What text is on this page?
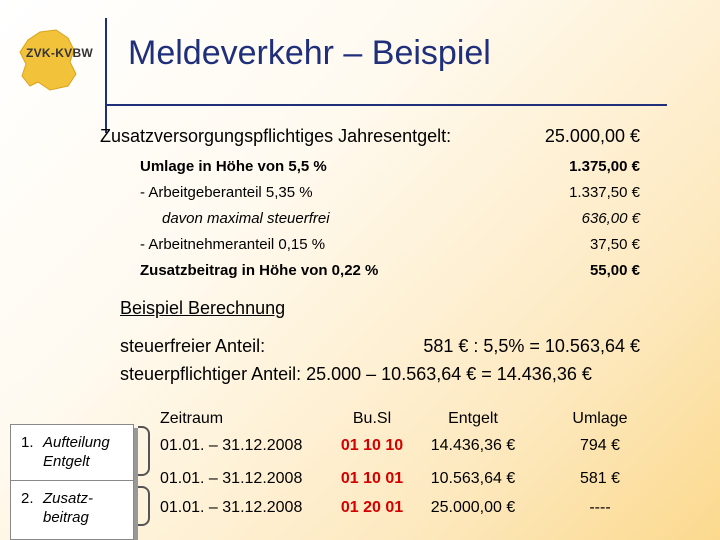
ZVK-KVBW Meldeverkehr – Beispiel
Zusatzversorgungspflichtiges Jahresentgelt:	25.000,00 €
Umlage in Höhe von 5,5 %	1.375,00 €
- Arbeitgeberanteil 5,35 %	1.337,50 €
davon maximal steuerfrei	636,00 €
- Arbeitnehmeranteil 0,15 %	37,50 €
Zusatzbeitrag in Höhe von 0,22 %	55,00 €
Beispiel Berechnung
steuerfreier Anteil:	581 € : 5,5% = 10.563,64 €
steuerpflichtiger Anteil: 25.000 – 10.563,64 € = 14.436,36 €
1. Aufteilung
Entgelt
2. Zusatz-
beitrag
Zeitraum	Bu.Sl	Entgelt	Umlage
01.01. – 31.12.2008	01 10 10	14.436,36 €	794 €
01.01. – 31.12.2008	01 10 01	10.563,64 €	581 €
01.01. – 31.12.2008	01 20 01	25.000,00 €	----
